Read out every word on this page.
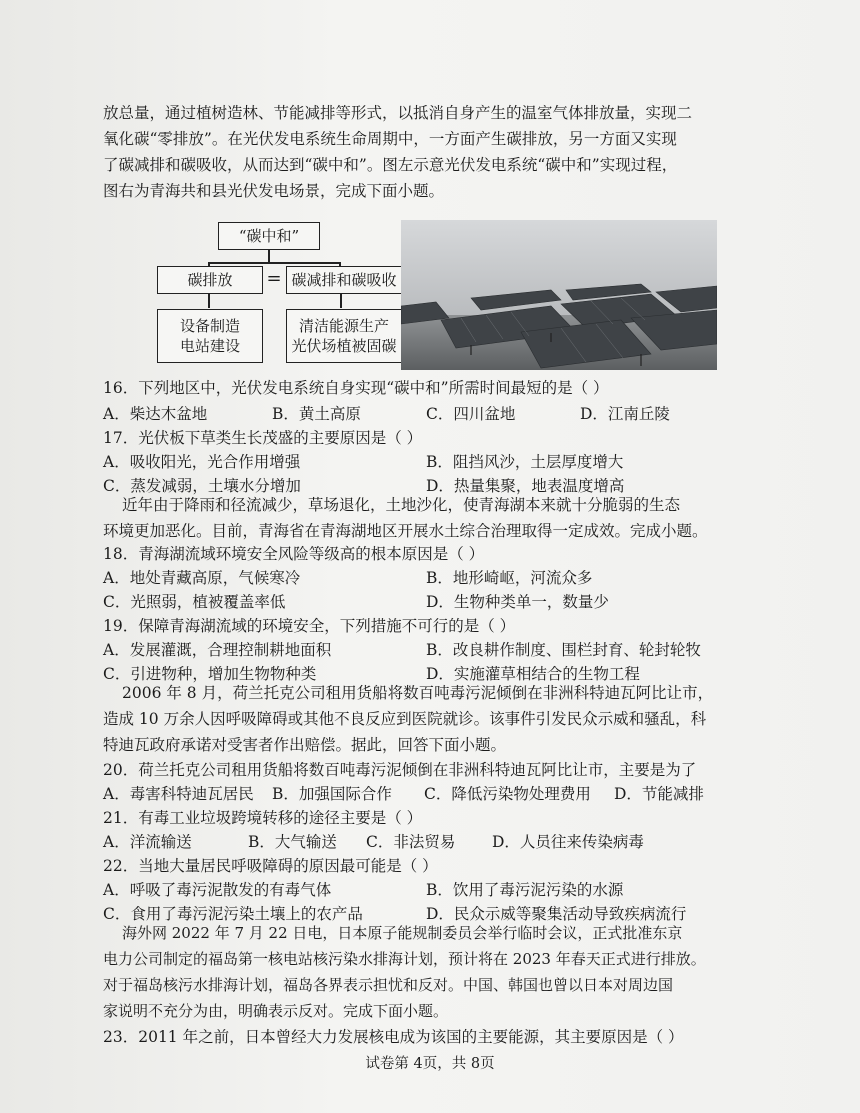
放总量，通过植树造林、节能减排等形式，以抵消自身产生的温室气体排放量，实现二
氧化碳“零排放”。在光伏发电系统生命周期中，一方面产生碳排放，另一方面又实现
了碳减排和碳吸收，从而达到“碳中和”。图左示意光伏发电系统“碳中和”实现过程，
图右为青海共和县光伏发电场景，完成下面小题。
“碳中和”
碳排放	= 碳减排和碳吸收
设备制造
电站建设
清洁能源生产
光伏场植被固碳
16．下列地区中，光伏发电系统自身实现“碳中和”所需时间最短的是（ ）
A．柴达木盆地	B．黄土高原	C．四川盆地	D．江南丘陵
17．光伏板下草类生长茂盛的主要原因是（ ）
A．吸收阳光，光合作用增强	B．阻挡风沙，土层厚度增大
C．蒸发减弱，土壤水分增加	D．热量集聚，地表温度增高
近年由于降雨和径流减少，草场退化，土地沙化，使青海湖本来就十分脆弱的生态
环境更加恶化。目前，青海省在青海湖地区开展水土综合治理取得一定成效。完成小题。
18．青海湖流域环境安全风险等级高的根本原因是（ ）
A．地处青藏高原，气候寒冷	B．地形崎岖，河流众多
C．光照弱，植被覆盖率低	D．生物种类单一，数量少
19．保障青海湖流域的环境安全，下列措施不可行的是（ ）
A．发展灌溉，合理控制耕地面积	B．改良耕作制度、围栏封育、轮封轮牧
C．引进物种，增加生物物种类	D．实施灌草相结合的生物工程
2006 年 8 月，荷兰托克公司租用货船将数百吨毒污泥倾倒在非洲科特迪瓦阿比让市，
造成 10 万余人因呼吸障碍或其他不良反应到医院就诊。该事件引发民众示威和骚乱，科
特迪瓦政府承诺对受害者作出赔偿。据此，回答下面小题。
20．荷兰托克公司租用货船将数百吨毒污泥倾倒在非洲科特迪瓦阿比让市，主要是为了
A．毒害科特迪瓦居民 B．加强国际合作 C．降低污染物处理费用 D．节能减排
21．有毒工业垃圾跨境转移的途径主要是（ ）
A．洋流输送	B．大气输送 C．非法贸易 D．人员往来传染病毒
22．当地大量居民呼吸障碍的原因最可能是（ ）
A．呼吸了毒污泥散发的有毒气体	B．饮用了毒污泥污染的水源
C．食用了毒污泥污染土壤上的农产品	D．民众示威等聚集活动导致疾病流行
海外网 2022 年 7 月 22 日电，日本原子能规制委员会举行临时会议，正式批准东京
电力公司制定的福岛第一核电站核污染水排海计划，预计将在 2023 年春天正式进行排放。
对于福岛核污水排海计划，福岛各界表示担忧和反对。中国、韩国也曾以日本对周边国
家说明不充分为由，明确表示反对。完成下面小题。
23．2011 年之前，日本曾经大力发展核电成为该国的主要能源，其主要原因是（ ）
试卷第 4页，共 8页
